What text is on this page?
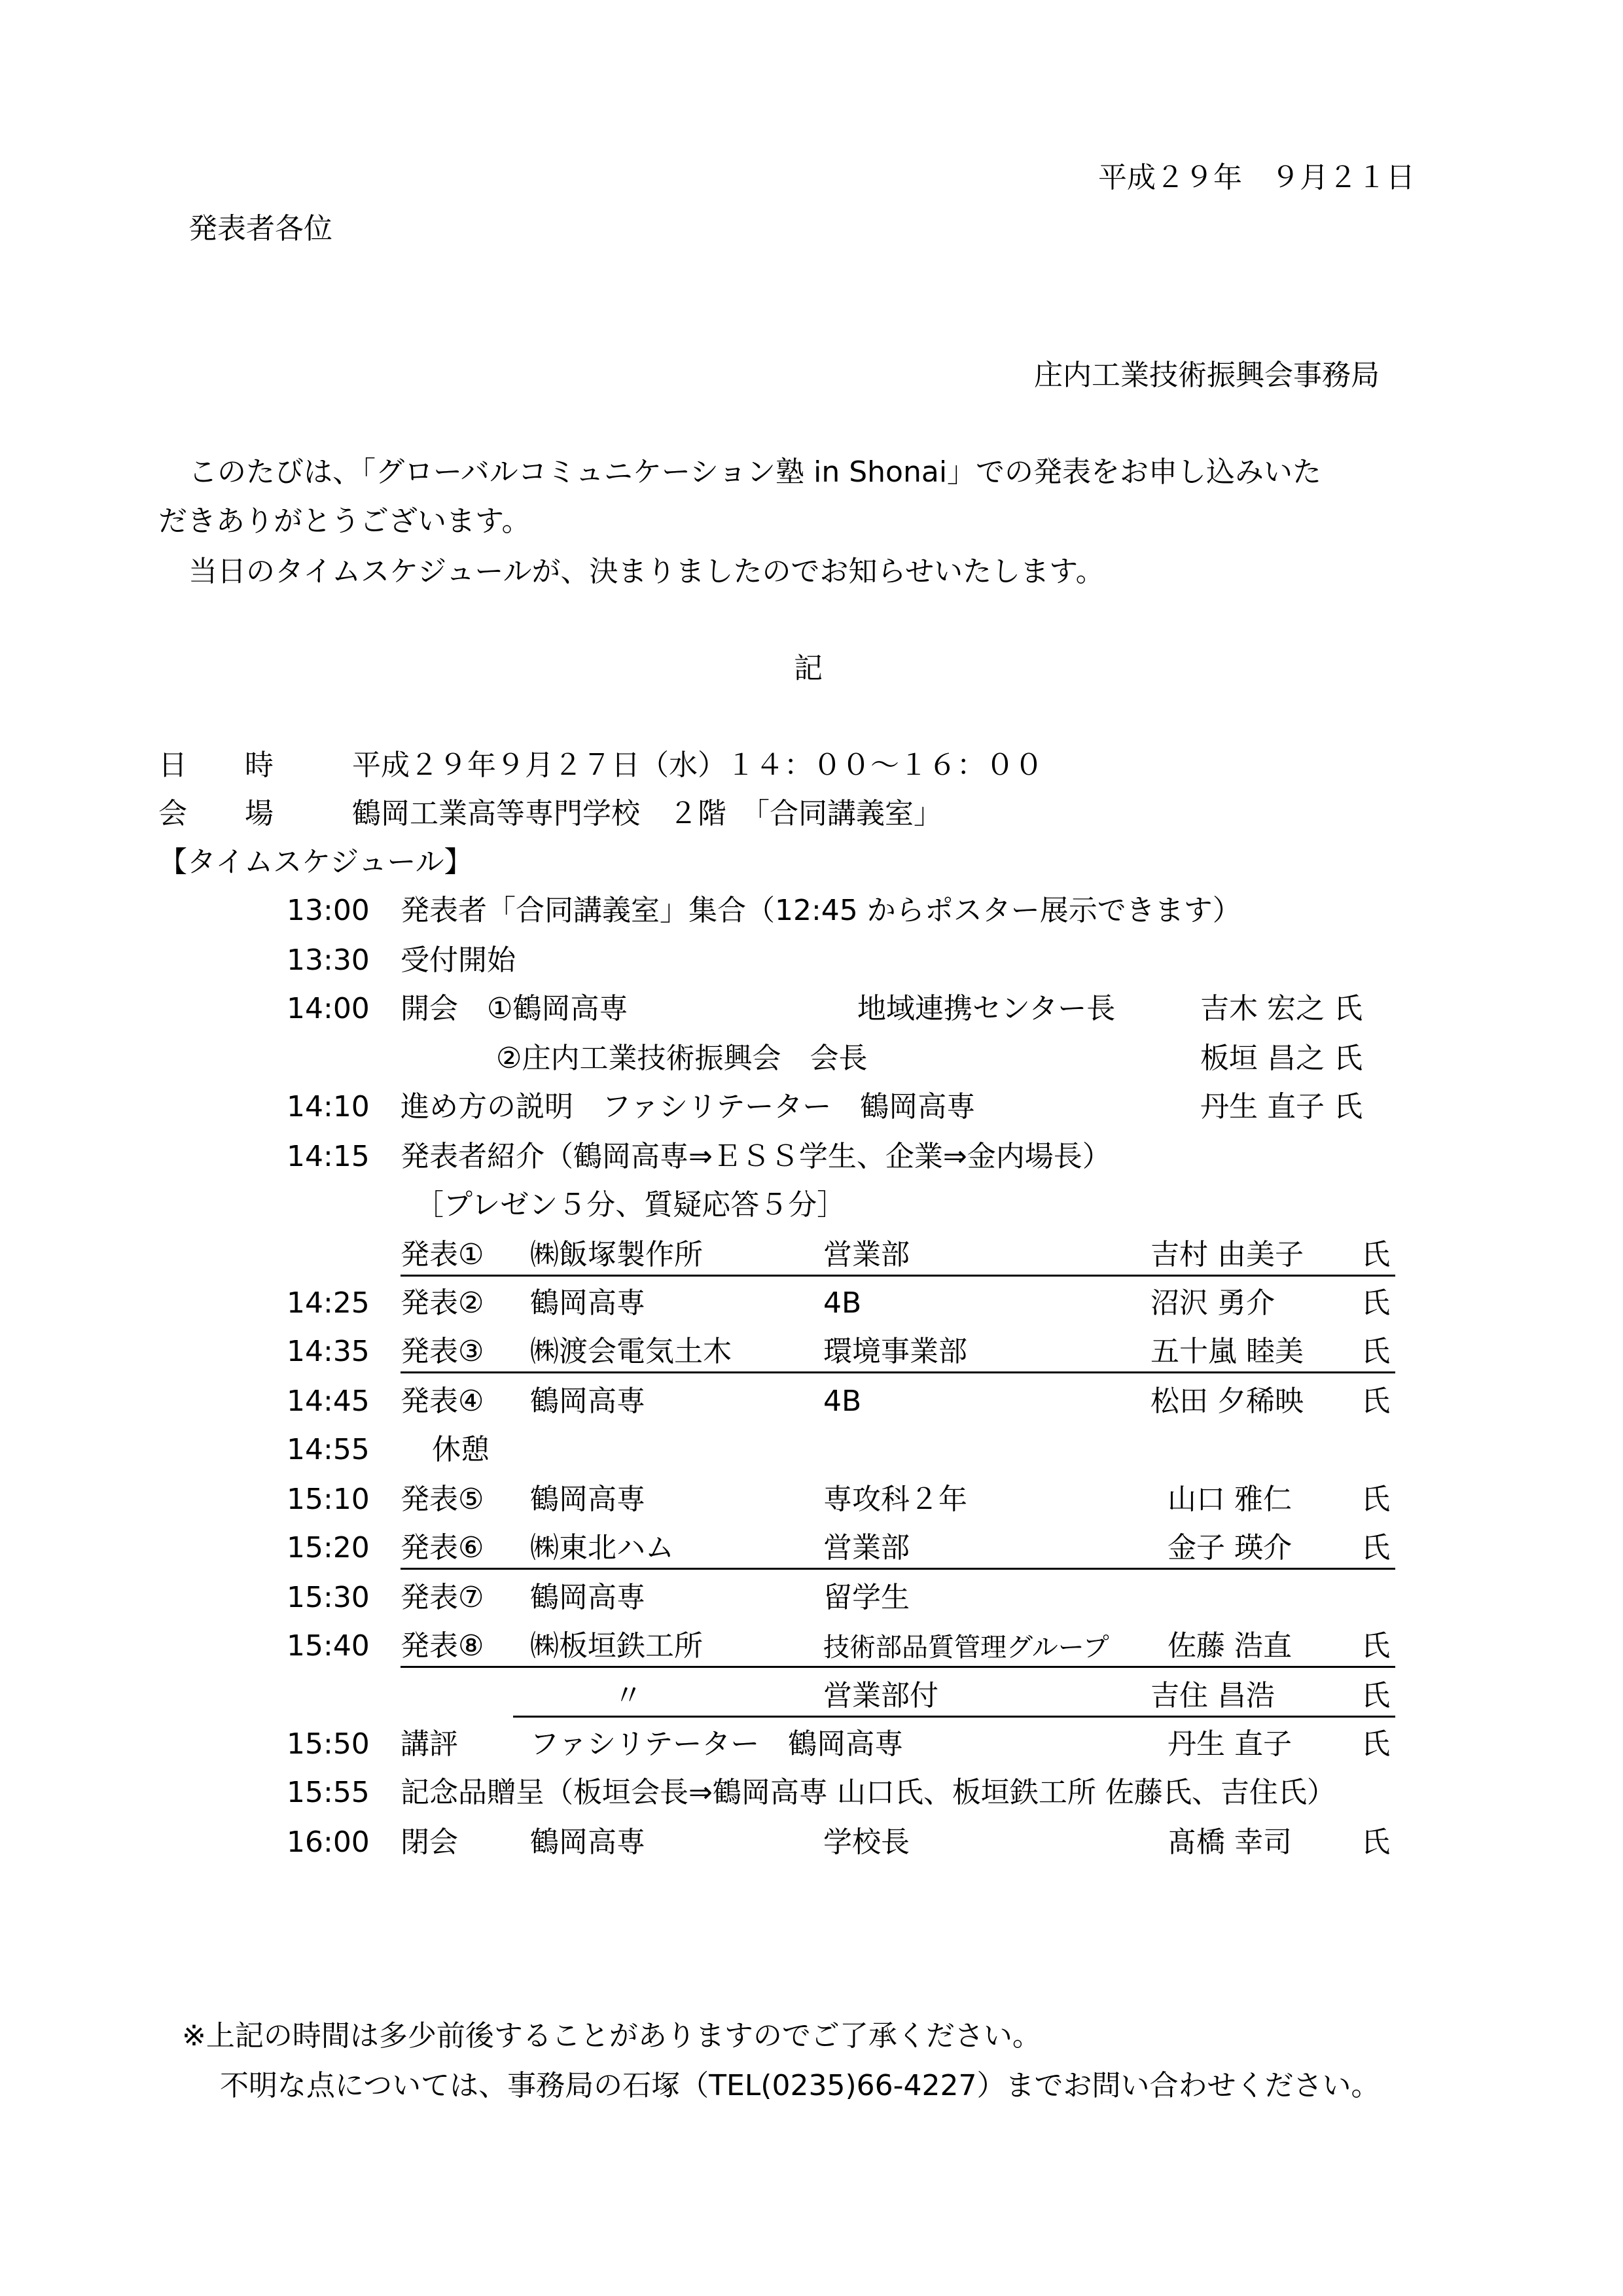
平成２９年　９月２１日
発表者各位
庄内工業技術振興会事務局
このたびは、「グローバルコミュニケーション塾 in Shonai」での発表をお申し込みいた
だきありがとうございます。
当日のタイムスケジュールが、決まりましたのでお知らせいたします。
記
日　　時	平成２９年９月２７日（水）１４：００～１６：００
会　　場	鶴岡工業高等専門学校　２階　「合同講義室」
【タイムスケジュール】
13:00 発表者「合同講義室」集合（12:45 からポスター展示できます）
13:30 受付開始
14:00 開会　①鶴岡高専	地域連携センター長	吉木 宏之 氏
②庄内工業技術振興会　会長	板垣 昌之 氏
14:10 進め方の説明　ファシリテーター　鶴岡高専	丹生 直子 氏
14:15 発表者紹介（鶴岡高専⇒ＥＳＳ学生、企業⇒金内場長）
［プレゼン５分、質疑応答５分］
発表① ㈱飯塚製作所	営業部	吉村 由美子 氏
14:25 発表② 鶴岡高専	4B	沼沢 勇介	氏
14:35 発表③ ㈱渡会電気土木	環境事業部	五十嵐 睦美 氏
14:45 発表④ 鶴岡高専	4B	松田 夕稀映 氏
14:55 休憩
15:10 発表⑤ 鶴岡高専	専攻科２年	山口 雅仁 氏
15:20 発表⑥ ㈱東北ハム	営業部	金子 瑛介 氏
15:30 発表⑦ 鶴岡高専	留学生
15:40 発表⑧ ㈱板垣鉄工所	技術部品質管理グループ 佐藤 浩直 氏
〃	営業部付	吉住 昌浩	氏
15:50 講評	ファシリテーター　鶴岡高専	丹生 直子 氏
15:55 記念品贈呈（板垣会長⇒鶴岡高専 山口氏、板垣鉄工所 佐藤氏、吉住氏）
16:00 閉会	鶴岡高専	学校長	髙橋 幸司 氏
※上記の時間は多少前後することがありますのでご了承ください。
不明な点については、事務局の石塚（TEL(0235)66-4227）までお問い合わせください。
